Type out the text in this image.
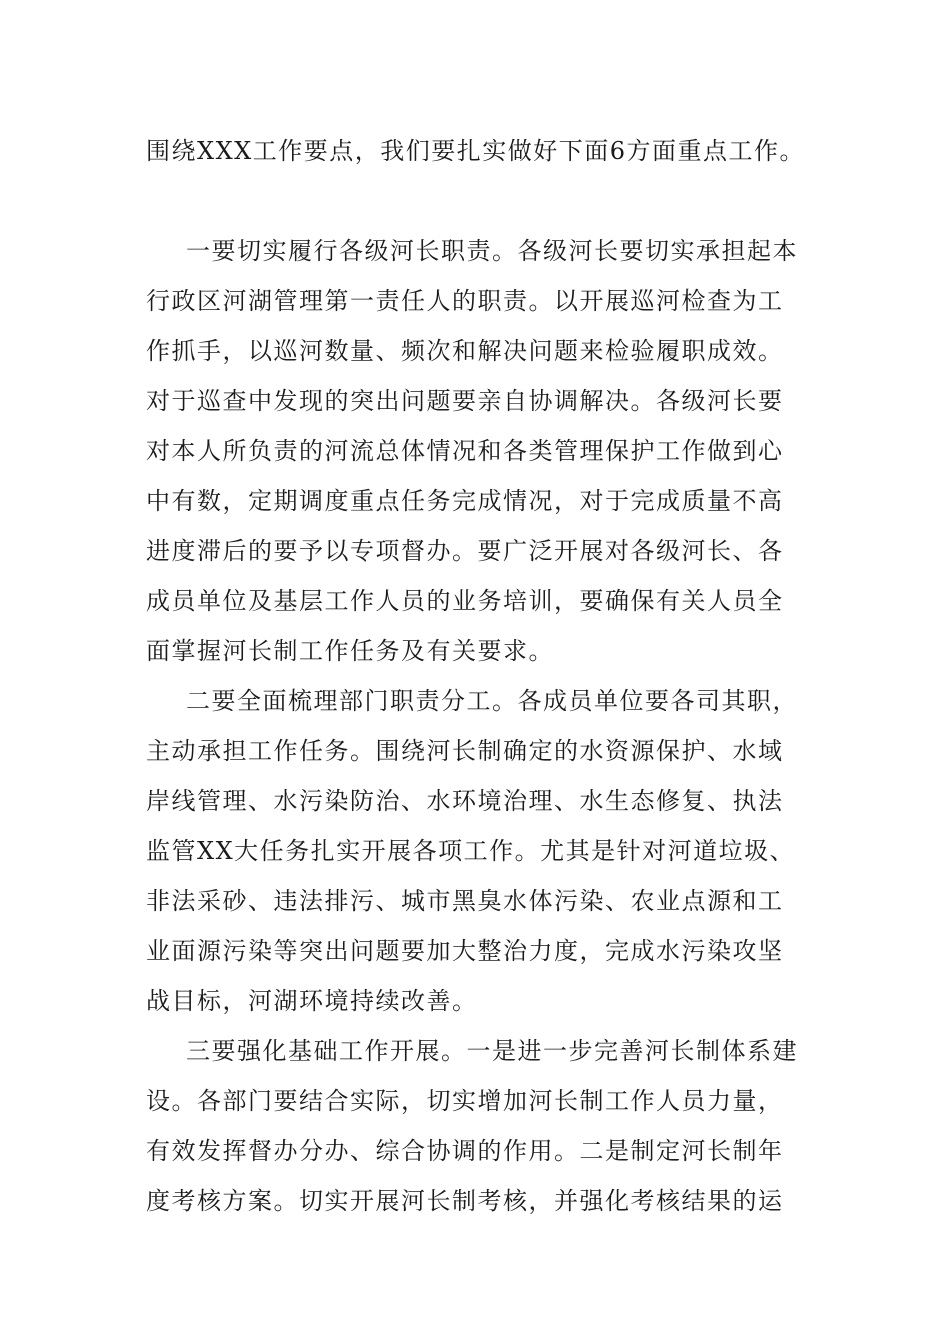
围绕XXX工作要点，我们要扎实做好下面6方面重点工作。
一要切实履行各级河长职责。各级河长要切实承担起本
行政区河湖管理第一责任人的职责。以开展巡河检查为工
作抓手，以巡河数量、频次和解决问题来检验履职成效。
对于巡查中发现的突出问题要亲自协调解决。各级河长要
对本人所负责的河流总体情况和各类管理保护工作做到心
中有数，定期调度重点任务完成情况，对于完成质量不高
进度滞后的要予以专项督办。要广泛开展对各级河长、各
成员单位及基层工作人员的业务培训，要确保有关人员全
面掌握河长制工作任务及有关要求。
二要全面梳理部门职责分工。各成员单位要各司其职，
主动承担工作任务。围绕河长制确定的水资源保护、水域
岸线管理、水污染防治、水环境治理、水生态修复、执法
监管XX大任务扎实开展各项工作。尤其是针对河道垃圾、
非法采砂、违法排污、城市黑臭水体污染、农业点源和工
业面源污染等突出问题要加大整治力度，完成水污染攻坚
战目标，河湖环境持续改善。
三要强化基础工作开展。一是进一步完善河长制体系建
设。各部门要结合实际，切实增加河长制工作人员力量，
有效发挥督办分办、综合协调的作用。二是制定河长制年
度考核方案。切实开展河长制考核，并强化考核结果的运
